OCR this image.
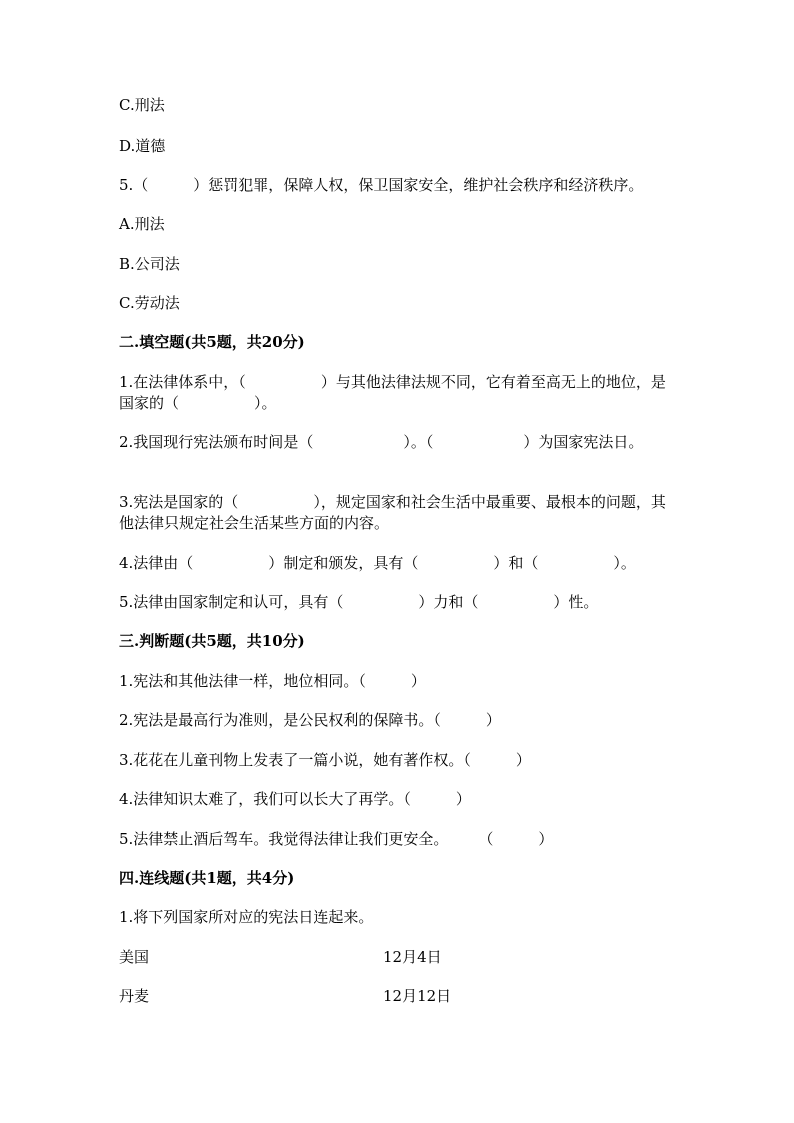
C.刑法
D.道德
5.（　　　）惩罚犯罪，保障人权，保卫国家安全，维护社会秩序和经济秩序。
A.刑法
B.公司法
C.劳动法
二.填空题(共5题，共20分)
1.在法律体系中，（　　　　　）与其他法律法规不同，它有着至高无上的地位，是国家的（　　　　　）。
2.我国现行宪法颁布时间是（　　　　　　）。（　　　　　　）为国家宪法日。
3.宪法是国家的（　　　　　），规定国家和社会生活中最重要、最根本的问题，其他法律只规定社会生活某些方面的内容。
4.法律由（　　　　　）制定和颁发，具有（　　　　　）和（　　　　　）。
5.法律由国家制定和认可，具有（　　　　　）力和（　　　　　）性。
三.判断题(共5题，共10分)
1.宪法和其他法律一样，地位相同。（　　　）
2.宪法是最高行为准则，是公民权利的保障书。（　　　）
3.花花在儿童刊物上发表了一篇小说，她有著作权。（　　　）
4.法律知识太难了，我们可以长大了再学。（　　　）
5.法律禁止酒后驾车。我觉得法律让我们更安全。　　　（　　　）
四.连线题(共1题，共4分)
1.将下列国家所对应的宪法日连起来。
美国	12月4日
丹麦	12月12日
